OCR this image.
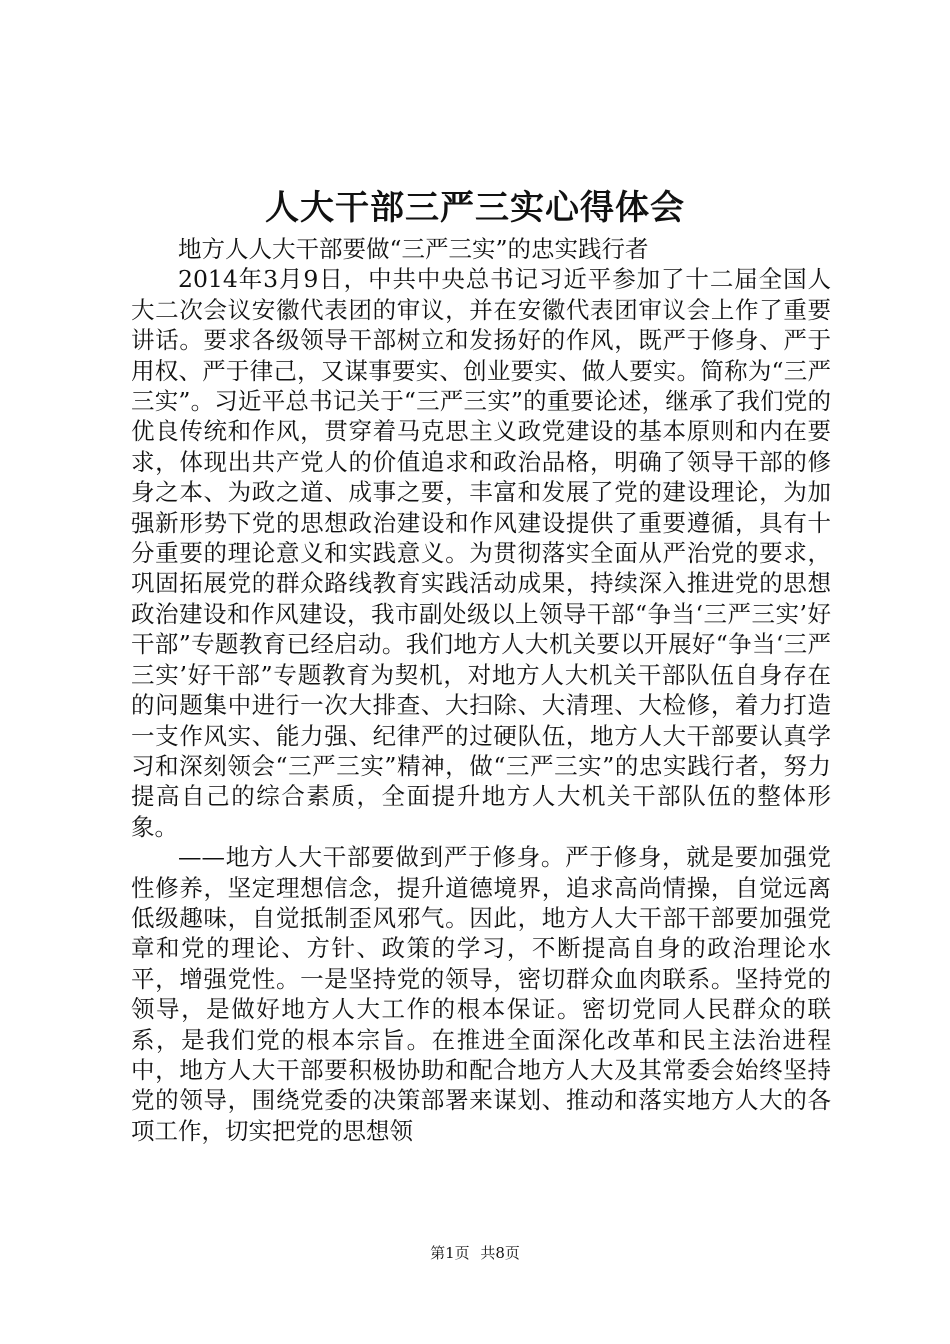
人大干部三严三实心得体会

地方人人大干部要做“三严三实”的忠实践行者

2014年3月9日，中共中央总书记习近平参加了十二届全国人大二次会议安徽代表团的审议，并在安徽代表团审议会上作了重要讲话。要求各级领导干部树立和发扬好的作风，既严于修身、严于用权、严于律己，又谋事要实、创业要实、做人要实。简称为“三严三实”。习近平总书记关于“三严三实”的重要论述，继承了我们党的优良传统和作风，贯穿着马克思主义政党建设的基本原则和内在要求，体现出共产党人的价值追求和政治品格，明确了领导干部的修身之本、为政之道、成事之要，丰富和发展了党的建设理论，为加强新形势下党的思想政治建设和作风建设提供了重要遵循，具有十分重要的理论意义和实践意义。为贯彻落实全面从严治党的要求，巩固拓展党的群众路线教育实践活动成果，持续深入推进党的思想政治建设和作风建设，我市副处级以上领导干部“争当‘三严三实’好干部”专题教育已经启动。我们地方人大机关要以开展好“争当‘三严三实’好干部”专题教育为契机，对地方人大机关干部队伍自身存在的问题集中进行一次大排查、大扫除、大清理、大检修，着力打造一支作风实、能力强、纪律严的过硬队伍，地方人大干部要认真学习和深刻领会“三严三实”精神，做“三严三实”的忠实践行者，努力提高自己的综合素质，全面提升地方人大机关干部队伍的整体形象。

——地方人大干部要做到严于修身。严于修身，就是要加强党性修养，坚定理想信念，提升道德境界，追求高尚情操，自觉远离低级趣味，自觉抵制歪风邪气。因此，地方人大干部干部要加强党章和党的理论、方针、政策的学习，不断提高自身的政治理论水平，增强党性。一是坚持党的领导，密切群众血肉联系。坚持党的领导，是做好地方人大工作的根本保证。密切党同人民群众的联系，是我们党的根本宗旨。在推进全面深化改革和民主法治进程中，地方人大干部要积极协助和配合地方人大及其常委会始终坚持党的领导，围绕党委的决策部署来谋划、推动和落实地方人大的各项工作，切实把党的思想领

第1页 共8页
